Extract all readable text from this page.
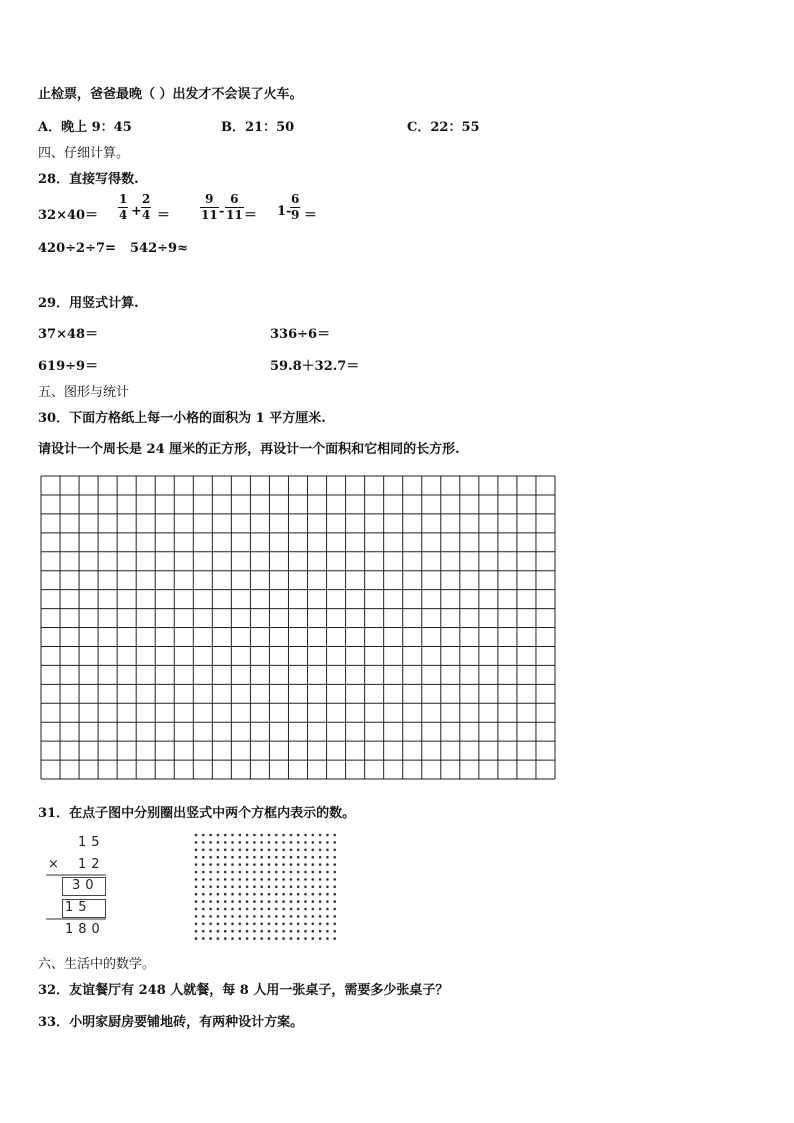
止检票，爸爸最晚（ ）出发才不会误了火车。
A．晚上 9：45	B．21：50	C．22：55
四、仔细计算。
28．直接写得数.
32×40＝
1
4 +
2
4 ＝
9
11 -
6
11 ＝ 1-
6
9 ＝
420÷2÷7= 542÷9≈
29．用竖式计算.
37×48＝	336÷6＝
619÷9＝	59.8＋32.7＝
五、图形与统计
30．下面方格纸上每一小格的面积为 1 平方厘米.
请设计一个周长是 24 厘米的正方形，再设计一个面积和它相同的长方形.
31．在点子图中分别圈出竖式中两个方框内表示的数。
15
× 12
30
15
180
六、生活中的数学。
32．友谊餐厅有 248 人就餐，每 8 人用一张桌子，需要多少张桌子？
33．小明家厨房要铺地砖，有两种设计方案。
